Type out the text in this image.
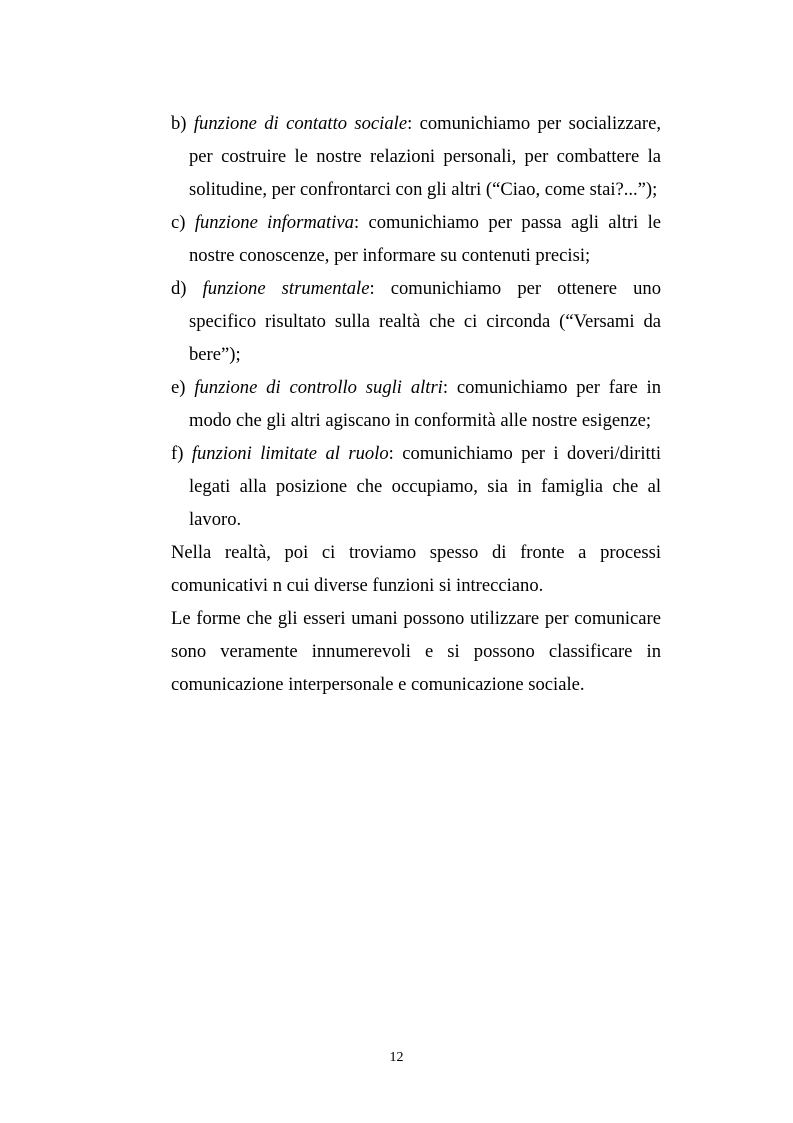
b) funzione di contatto sociale: comunichiamo per socializzare, per costruire le nostre relazioni personali, per combattere la solitudine, per confrontarci con gli altri (“Ciao, come stai?...”);
c) funzione informativa: comunichiamo per passa agli altri le nostre conoscenze, per informare su contenuti precisi;
d) funzione strumentale: comunichiamo per ottenere uno specifico risultato sulla realtà che ci circonda (“Versami da bere”);
e) funzione di controllo sugli altri: comunichiamo per fare in modo che gli altri agiscano in conformità alle nostre esigenze;
f) funzioni limitate al ruolo: comunichiamo per i doveri/diritti legati alla posizione che occupiamo, sia in famiglia che al lavoro.

Nella realtà, poi ci troviamo spesso di fronte a processi comunicativi n cui diverse funzioni si intrecciano.

Le forme che gli esseri umani possono utilizzare per comunicare sono veramente innumerevoli e si possono classificare in comunicazione interpersonale e comunicazione sociale.

12
